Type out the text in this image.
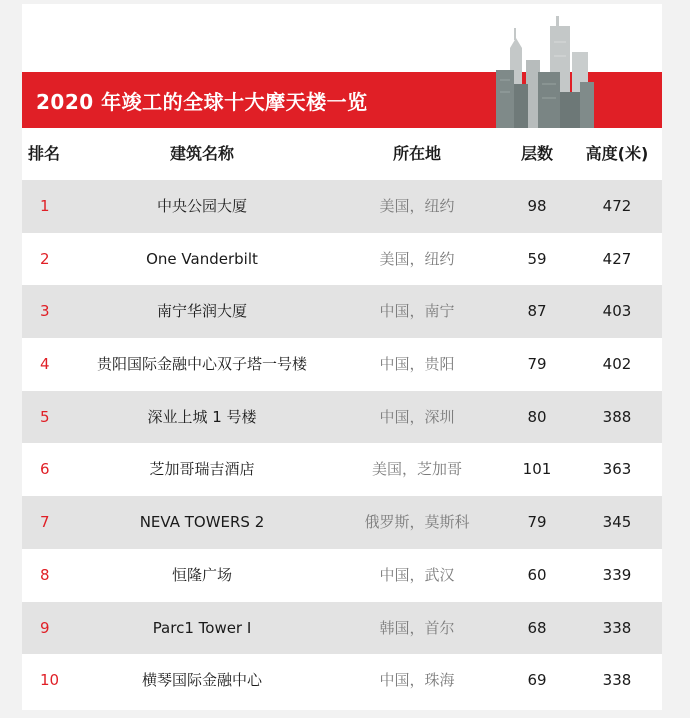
2020 年竣工的全球十大摩天楼一览
排名	建筑名称	所在地	层数	高度(米)
1	中央公园大厦	美国，纽约	98	472
2	One Vanderbilt	美国，纽约	59	427
3	南宁华润大厦	中国，南宁	87	403
4	贵阳国际金融中心双子塔一号楼	中国，贵阳	79	402
5	深业上城 1 号楼	中国，深圳	80	388
6	芝加哥瑞吉酒店	美国，芝加哥	101	363
7	NEVA TOWERS 2	俄罗斯，莫斯科	79	345
8	恒隆广场	中国，武汉	60	339
9	Parc1 Tower I	韩国，首尔	68	338
10	横琴国际金融中心	中国，珠海	69	338
